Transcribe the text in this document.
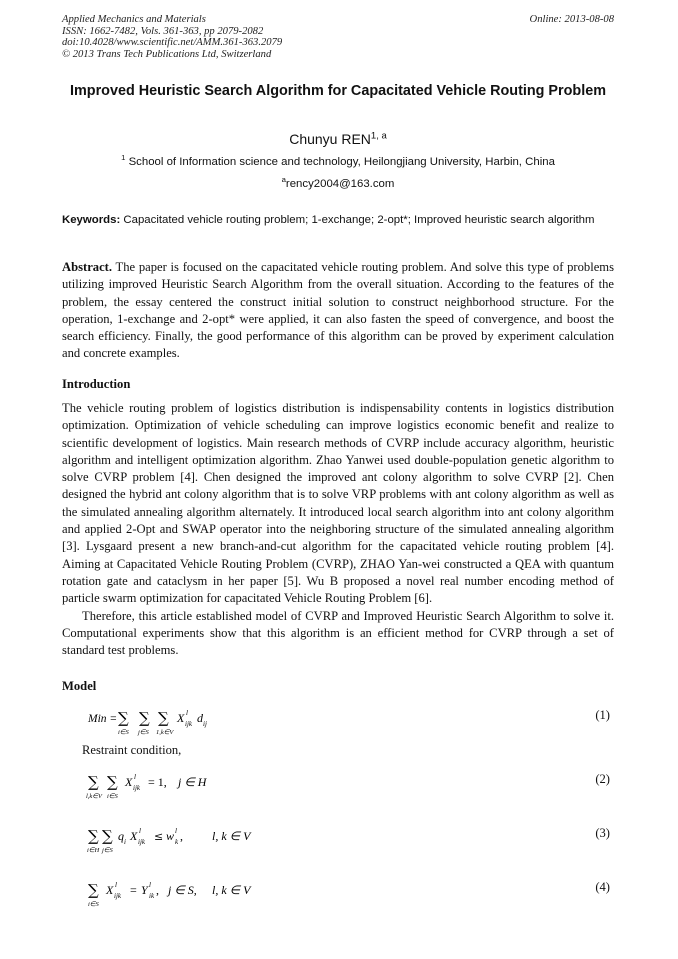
Applied Mechanics and Materials
ISSN: 1662-7482, Vols. 361-363, pp 2079-2082
doi:10.4028/www.scientific.net/AMM.361-363.2079
© 2013 Trans Tech Publications Ltd, Switzerland
Online: 2013-08-08
Improved Heuristic Search Algorithm for Capacitated Vehicle Routing Problem
Chunyu REN$^{1, a}$
$^1$ School of Information science and technology, Heilongjiang University, Harbin, China
$^a$rency2004@163.com
Keywords: Capacitated vehicle routing problem; 1-exchange; 2-opt*; Improved heuristic search algorithm
Abstract. The paper is focused on the capacitated vehicle routing problem. And solve this type of problems utilizing improved Heuristic Search Algorithm from the overall situation. According to the features of the problem, the essay centered the construct initial solution to construct neighborhood structure. For the operation, 1-exchange and 2-opt* were applied, it can also fasten the speed of convergence, and boost the search efficiency. Finally, the good performance of this algorithm can be proved by experiment calculation and concrete examples.
Introduction

The vehicle routing problem of logistics distribution is indispensability contents in logistics distribution optimization. Optimization of vehicle scheduling can improve logistics economic benefit and realize to scientific development of logistics. Main research methods of CVRP include accuracy algorithm, heuristic algorithm and intelligent optimization algorithm. Zhao Yanwei used double-population genetic algorithm to solve CVRP problem [4]. Chen designed the improved ant colony algorithm to solve CVRP [2]. Chen designed the hybrid ant colony algorithm that is to solve VRP problems with ant colony algorithm as well as the simulated annealing algorithm alternately. It introduced local search algorithm into ant colony algorithm and applied 2-Opt and SWAP operator into the neighboring structure of the simulated annealing algorithm [3]. Lysgaard present a new branch-and-cut algorithm for the capacitated vehicle routing problem [4]. Aiming at Capacitated Vehicle Routing Problem (CVRP), ZHAO Yan-wei constructed a QEA with quantum rotation gate and cataclysm in her paper [5]. Wu B proposed a novel real number encoding method of particle swarm optimization for capacitated Vehicle Routing Problem [6].

Therefore, this article established model of CVRP and Improved Heuristic Search Algorithm to solve it. Computational experiments show that this algorithm is an efficient method for CVRP through a set of standard test problems.

Model
Min = ∑ ∑ ∑
i∈S j∈S 1,k∈V
X l
ijk d ij
(1)
Restraint condition,
∑ ∑
l,k∈V i∈S
X l
ijk = 1, j ∈ H	(2)
∑ ∑
i∈H j∈S
q i X l
ijk ≤ w l
k , l, k ∈ V	(3)
∑
i∈S
X l
ijk = Y l
ik , j ∈ S, l, k ∈ V	(4)
